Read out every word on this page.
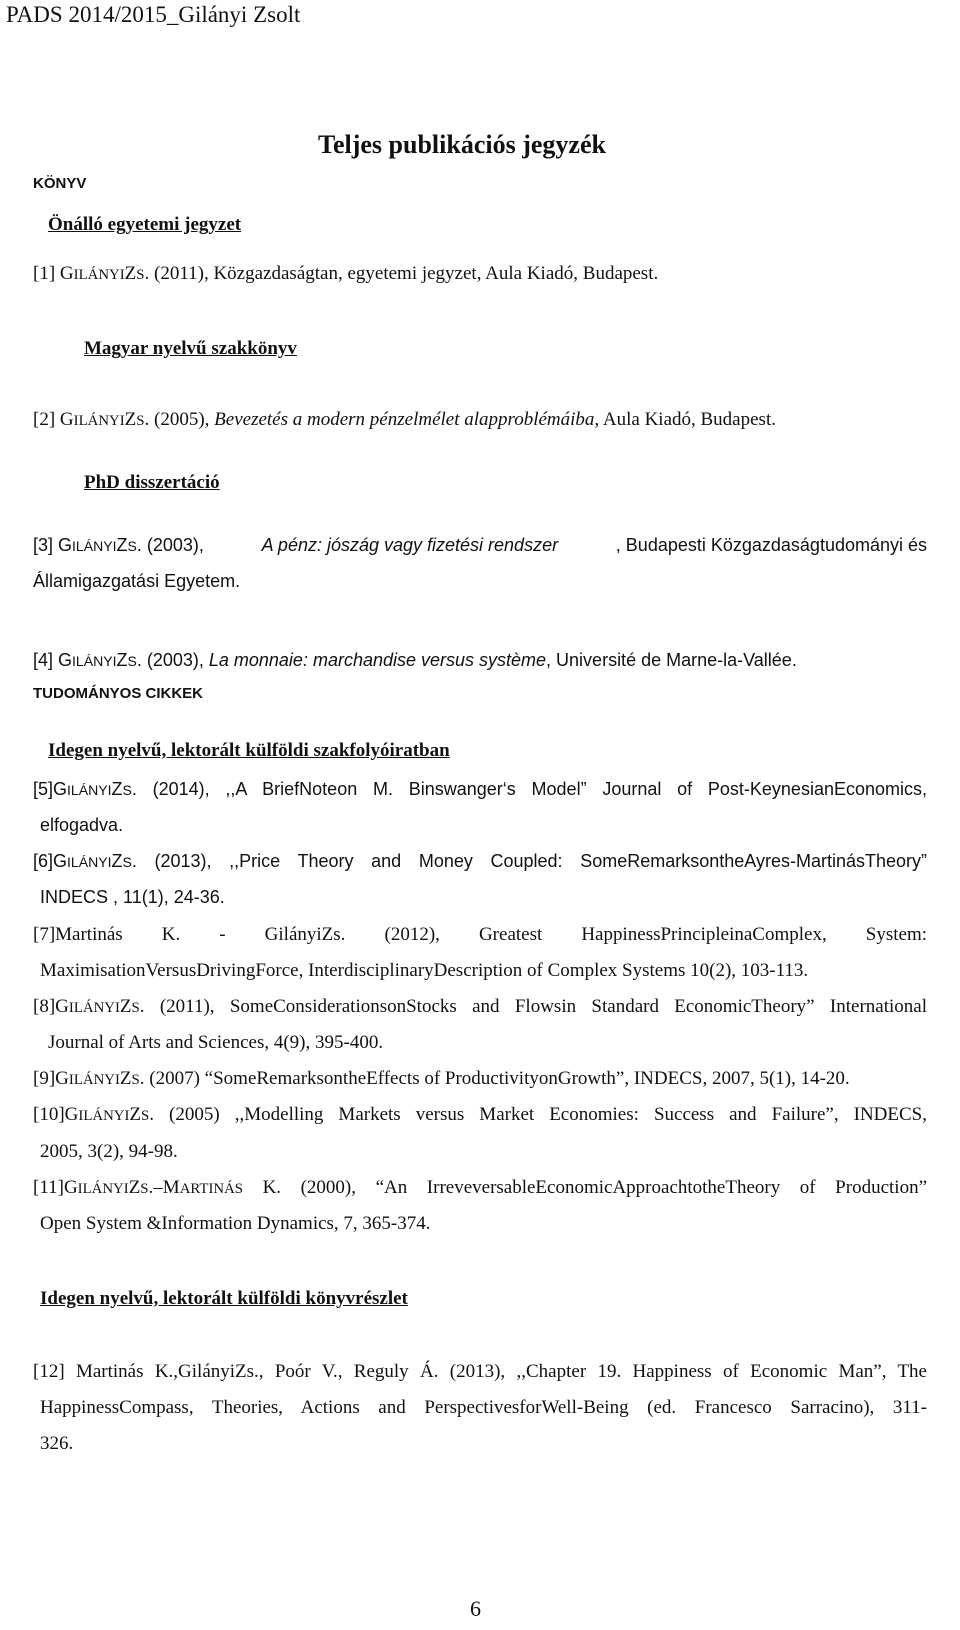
PADS 2014/2015_Gilányi Zsolt
Teljes publikációs jegyzék
KÖNYV
Önálló egyetemi jegyzet
[1] GILÁNYIZS. (2011), Közgazdaságtan, egyetemi jegyzet, Aula Kiadó, Budapest.
Magyar nyelvű szakkönyv
[2] GILÁNYIZS. (2005), Bevezetés a modern pénzelmélet alapproblémáiba, Aula Kiadó, Budapest.
PhD disszertáció
[3] GILÁNYIZS. (2003),	A pénz: jószág vagy fizetési rendszer	, Budapesti Közgazdaságtudományi és
Államigazgatási Egyetem.
[4] GILÁNYIZS. (2003), La monnaie: marchandise versus système, Université de Marne-la-Vallée.
TUDOMÁNYOS CIKKEK
Idegen nyelvű, lektorált külföldi szakfolyóiratban
[5]GILÁNYIZS. (2014), ,,A BriefNoteon M. Binswanger‘s Model” Journal of Post-KeynesianEconomics,
elfogadva.
[6]GILÁNYIZS. (2013), ,,Price Theory and Money Coupled: SomeRemarksontheAyres-MartinásTheory”
INDECS , 11(1), 24-36.
[7]Martinás K. - GilányiZs. (2012), Greatest HappinessPrincipleinaComplex, System:
MaximisationVersusDrivingForce, InterdisciplinaryDescription of Complex Systems 10(2), 103-113.
[8]GILÁNYIZS. (2011), SomeConsiderationsonStocks and Flowsin Standard EconomicTheory” International
Journal of Arts and Sciences, 4(9), 395-400.
[9]GILÁNYIZS. (2007) “SomeRemarksontheEffects of ProductivityonGrowth”, INDECS, 2007, 5(1), 14-20.
[10]GILÁNYIZS. (2005) ,,Modelling Markets versus Market Economies: Success and Failure”, INDECS,
2005, 3(2), 94-98.
[11]GILÁNYIZS.–MARTINÁS K. (2000), “An IrreveversableEconomicApproachtotheTheory of Production”
Open System &Information Dynamics, 7, 365-374.
Idegen nyelvű, lektorált külföldi könyvrészlet
[12] Martinás K.,GilányiZs., Poór V., Reguly Á. (2013), ,,Chapter 19. Happiness of Economic Man”, The
HappinessCompass, Theories, Actions and PerspectivesforWell-Being (ed. Francesco Sarracino), 311-
326.
6
